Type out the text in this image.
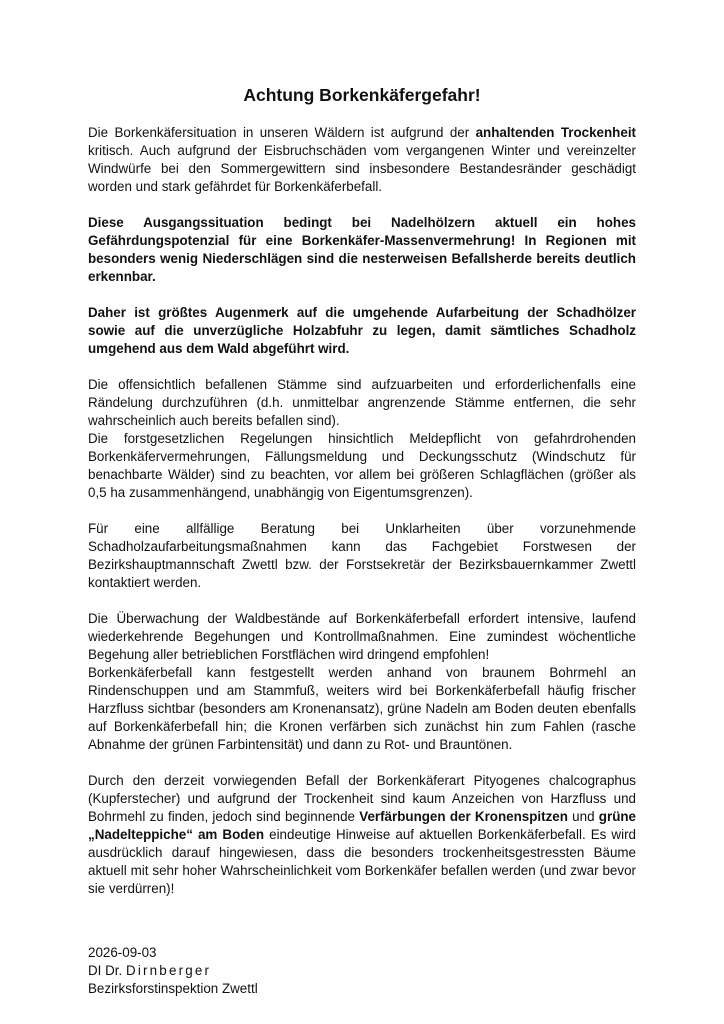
Achtung Borkenkäfergefahr!

Die Borkenkäfersituation in unseren Wäldern ist aufgrund der anhaltenden Trockenheit kritisch. Auch aufgrund der Eisbruchschäden vom vergangenen Winter und vereinzelter Windwürfe bei den Sommergewittern sind insbesondere Bestandesränder geschädigt worden und stark gefährdet für Borkenkäferbefall.

Diese Ausgangssituation bedingt bei Nadelhölzern aktuell ein hohes Gefährdungspotenzial für eine Borkenkäfer-Massenvermehrung! In Regionen mit besonders wenig Niederschlägen sind die nesterweisen Befallsherde bereits deutlich erkennbar.

Daher ist größtes Augenmerk auf die umgehende Aufarbeitung der Schadhölzer sowie auf die unverzügliche Holzabfuhr zu legen, damit sämtliches Schadholz umgehend aus dem Wald abgeführt wird.

Die offensichtlich befallenen Stämme sind aufzuarbeiten und erforderlichenfalls eine Rändelung durchzuführen (d.h. unmittelbar angrenzende Stämme entfernen, die sehr wahrscheinlich auch bereits befallen sind).

Die forstgesetzlichen Regelungen hinsichtlich Meldepflicht von gefahrdrohenden Borkenkäfervermehrungen, Fällungsmeldung und Deckungsschutz (Windschutz für benachbarte Wälder) sind zu beachten, vor allem bei größeren Schlagflächen (größer als 0,5 ha zusammenhängend, unabhängig von Eigentumsgrenzen).

Für eine allfällige Beratung bei Unklarheiten über vorzunehmende Schadholzaufarbeitungsmaßnahmen kann das Fachgebiet Forstwesen der Bezirkshauptmannschaft Zwettl bzw. der Forstsekretär der Bezirksbauernkammer Zwettl kontaktiert werden.

Die Überwachung der Waldbestände auf Borkenkäferbefall erfordert intensive, laufend wiederkehrende Begehungen und Kontrollmaßnahmen. Eine zumindest wöchentliche Begehung aller betrieblichen Forstflächen wird dringend empfohlen!

Borkenkäferbefall kann festgestellt werden anhand von braunem Bohrmehl an Rindenschuppen und am Stammfuß, weiters wird bei Borkenkäferbefall häufig frischer Harzfluss sichtbar (besonders am Kronenansatz), grüne Nadeln am Boden deuten ebenfalls auf Borkenkäferbefall hin; die Kronen verfärben sich zunächst hin zum Fahlen (rasche Abnahme der grünen Farbintensität) und dann zu Rot- und Brauntönen.

Durch den derzeit vorwiegenden Befall der Borkenkäferart Pityogenes chalcographus (Kupferstecher) und aufgrund der Trockenheit sind kaum Anzeichen von Harzfluss und Bohrmehl zu finden, jedoch sind beginnende Verfärbungen der Kronenspitzen und grüne „Nadelteppiche“ am Boden eindeutige Hinweise auf aktuellen Borkenkäferbefall. Es wird ausdrücklich darauf hingewiesen, dass die besonders trockenheitsgestressten Bäume aktuell mit sehr hoher Wahrscheinlichkeit vom Borkenkäfer befallen werden (und zwar bevor sie verdürren)!

2026-09-03
DI Dr. Dirnberger
Bezirksforstinspektion Zwettl
